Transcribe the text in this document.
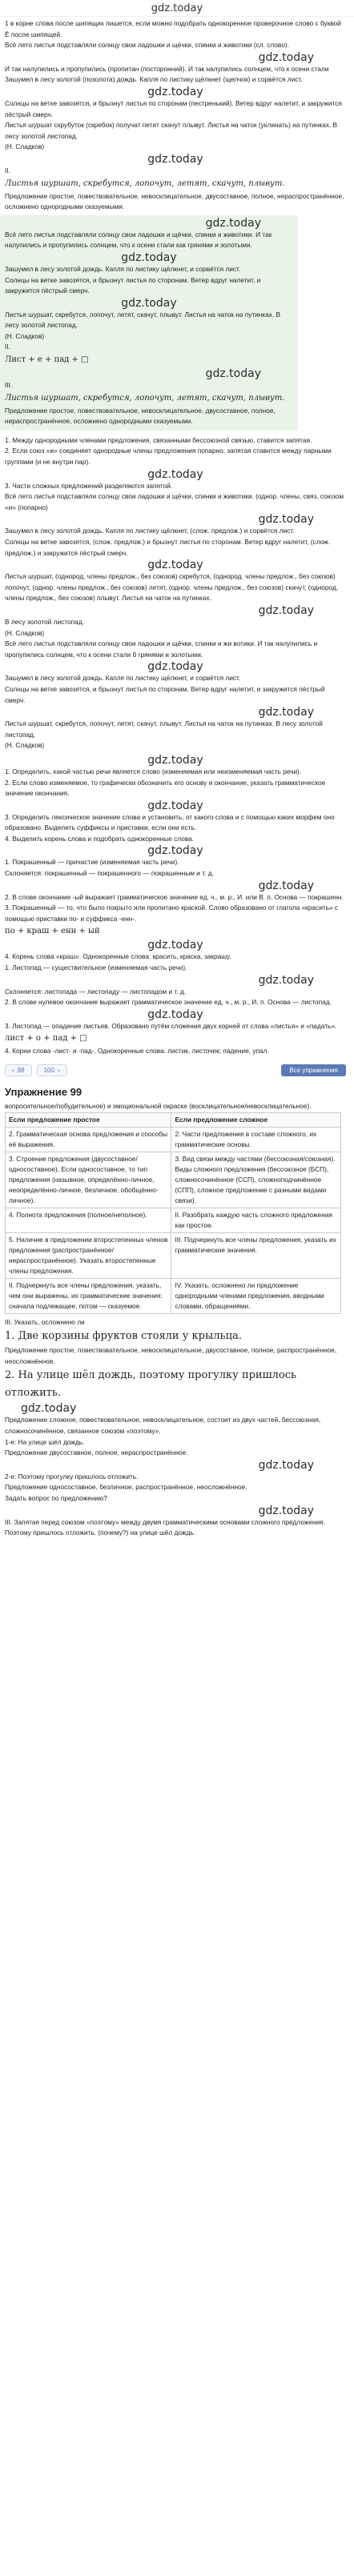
gdz.today

1 в корне слова после шипящих пишется, если можно подобрать однокоренное проверочное слово с буквой Ё после шипящей.

Всё лето листья подставляли солнцу свои ладошки и щёчки, спинки и животики (сл. слово).

gdz.today

И так налупились и пропупились (пропитан (посторонний). И так налупились солнцем, что к осени стали

Зашумел в лесу золотой (позолота) дождь. Капля по листику щёлкнет (щелчок) и сорвётся лист.

gdz.today

Солнцы на ветке завозятся, и брызнут листья по сторонам (пестренький). Ветер вдруг налетит, и закружится пёстрый смерч.

Листья шуршат скрубуток (скребок) получат петит скачут плывут. Листья на чаток (уклинать) на путинках. В лесу золотой листопад.

(Н. Сладков)

gdz.today

II.

Листья шуршат, скребутся, лопочут, летят, скачут, плывут.

Предложение простое, повествовательное, невосклицательное, двусоставное, полное, нераспространённое, осложнено однородными сказуемыми.

gdz.today

Всё лето листья подставляли солнцу свои ладошки и щёчки, спинки и животики. И так налупились и пропупились солнцем, что к осени стали как грянями и золотыми.

gdz.today

Зашумел в лесу золотой дождь. Капля по листику щёлкнет, и сорвётся лист.

Солнцы на ветке завозятся, и брызнут листья по сторонам. Ветер вдруг налетит, и закружится пёстрый смерч.

gdz.today

Листья шуршат, скребутся, лопочут, летят, скачут, плывут. Листья на чаток на путинках. В лесу золотой листопад.

(Н. Сладков)

II.

Лист + е + пад + □
gdz.today

III.

Листья шуршат, скребутся, лопочут, летят, скачут, плывут.

Предложение простое, повествовательное, невосклицательное, двусоставное, полное, нераспространённое, осложнено однородными сказуемыми.

1. Между однородными членами предложения, связанными бессоюзной связью, ставится запятая.

2. Если союз «и» соединяет однородные члены предложения попарно, запятая ставится между парными группами (и не внутри пар).

gdz.today

3. Части сложных предложений разделяются запятой.

Всё лето листья подставляли солнцу свои ладошки и щёчки, спинки и животики. (однор. члены, связ. союзом «и» (попарно)

gdz.today

Зашумел в лесу золотой дождь. Капля по листику щёлкнет, (слож. предлож.) и сорвётся лист.

Солнцы на ветке завозятся, (слож. предлож.) и брызнут листья по сторонам. Ветер вдруг налетит, (слож. предлож.) и закружится пёстрый смерч.

gdz.today

Листья шуршат, (однород. члены предлож., без союзов) скребутся, (однород. члены предлож., без союзов) лопочут, (однор. члены предлож., без союзов) летят, (однор. члены предлож., без союзов) скачут, (однород. члены предлож., без союзов) плывут. Листья на чаток на путинках.

gdz.today

В лесу золотой листопад.

(Н. Сладков)

Всё лето листья подставляли солнцу свои ладошки и щёчки, спинки и жи вотики. И так налупились и пропупились солнцем, что к осени стали б грянями и золотыми.

gdz.today

Зашумел в лесу золотой дождь. Капля по листику щёлкнет, и сорвётся лист.

Солнцы на ветке завозятся, и брызнут листья по сторонам. Ветер вдруг налетит, и закружится пёстрый смерч.

gdz.today

Листья шуршат, скребутся, лопочут, летят, скачут, плывут. Листья на чаток на путинках. В лесу золотой листопад.

(Н. Сладков)

gdz.today

1. Определить, какой частью речи является слово (изменяемая или неизменяемая часть речи).

2. Если слово изменяемое, то графически обозначить его основу и окончание, указать грамматическое значение окончания.

gdz.today

3. Определить лексическое значение слова и установить, от какого слова и с помощью каких морфем оно образовано. Выделить суффиксы и приставки, если они есть.

4. Выделить корень слова и подобрать однокоренные слова.

gdz.today

1. Покрашенный — причастие (изменяемая часть речи).

Склоняется: покрашенный — покрашенного — покрашенным и т. д.

gdz.today

2. В слове окончание -ый выражает грамматическое значение ед. ч., м. р., И. или В. п. Основа — покрашенн.

3. Покрашенный — то, что было покрыто или пропитано краской. Слово образовано от глагола «красить» с помощью приставки по- и суффикса -енн-.

по + краш + енн + ый
gdz.today

4. Корень слова «краш». Однокоренные слова: красить, краска, закрашу.

1. Листопад — существительное (изменяемая часть речи).

gdz.today

Склоняется: листопада — листопаду — листопадом и т. д.

2. В слове нулевое окончание выражает грамматическое значение ед. ч., м. р., И. п. Основа — листопад.

gdz.today

3. Листопад — опадение листьев. Образовано путём сложения двух корней от слова «листья» и «падать».

лист + о + пад + □

4. Корни слова -лист- и -пад-. Однокоренные слова: листик, листочек; падение, упал.

‹ 98	100 ›	Все упражнения
Упражнение 99

вопросительное/побудительное) и эмоциональной окраске (восклицательное/невосклицательное).

Если предложение простое	Если предложение сложное
2. Грамматическая основа предложения и способы её выражения.	2. Части предложения в составе сложного, их грамматические основы.
3. Строение предложения (двусоставное/односоставное). Если односоставное, то тип предложения (назывное, определённо-личное, неопределённо-личное, безличное, обобщённо-личное).	3. Вид связи между частями (бессоюзная/союзная). Виды сложного предложения (бессоюзное (БСП), сложносочинённое (ССП), сложноподчинённое (СПП), сложное предложение с разными видами связи).
4. Полнота предложения (полное/неполное).	II. Разобрать каждую часть сложного предложения как простое.
5. Наличие в предложении второстепенных членов предложения (распространённое/нераспространённое). Указать второстепенные члены предложения.	III. Подчеркнуть все члены предложения, указать их грамматические значения.
II. Подчеркнуть все члены предложения, указать, чем они выражены, их грамматические значения: сначала подлежащее, потом — сказуемое.	IV. Указать, осложнено ли предложение однородными членами предложения, вводными словами, обращениями.

III. Указать, осложнено ли

1. Две корзины фруктов стояли у крыльца.

Предложение простое, повествовательное, невосклицательное, двусоставное, полное, распространённое, неосложнённое.

2. На улице шёл дождь, поэтому прогулку пришлось отложить.
gdz.today

Предложение сложное, повествовательное, невосклицательное, состоит из двух частей, бессоюзная, сложносочинённое, связанное союзом «поэтому».

1-е: На улице шёл дождь.

Предложение двусоставное, полное, нераспространённое.

gdz.today

2-е: Поэтому прогулку пришлось отложить.

Предложение односоставное, безличное, распространённое, неосложнённое.

Задать вопрос по предложению?

gdz.today

III. Запятая перед союзом «поэтому» между двумя грамматическими основами сложного предложения.

Поэтому пришлось отложить. (почему?) на улице шёл дождь.
